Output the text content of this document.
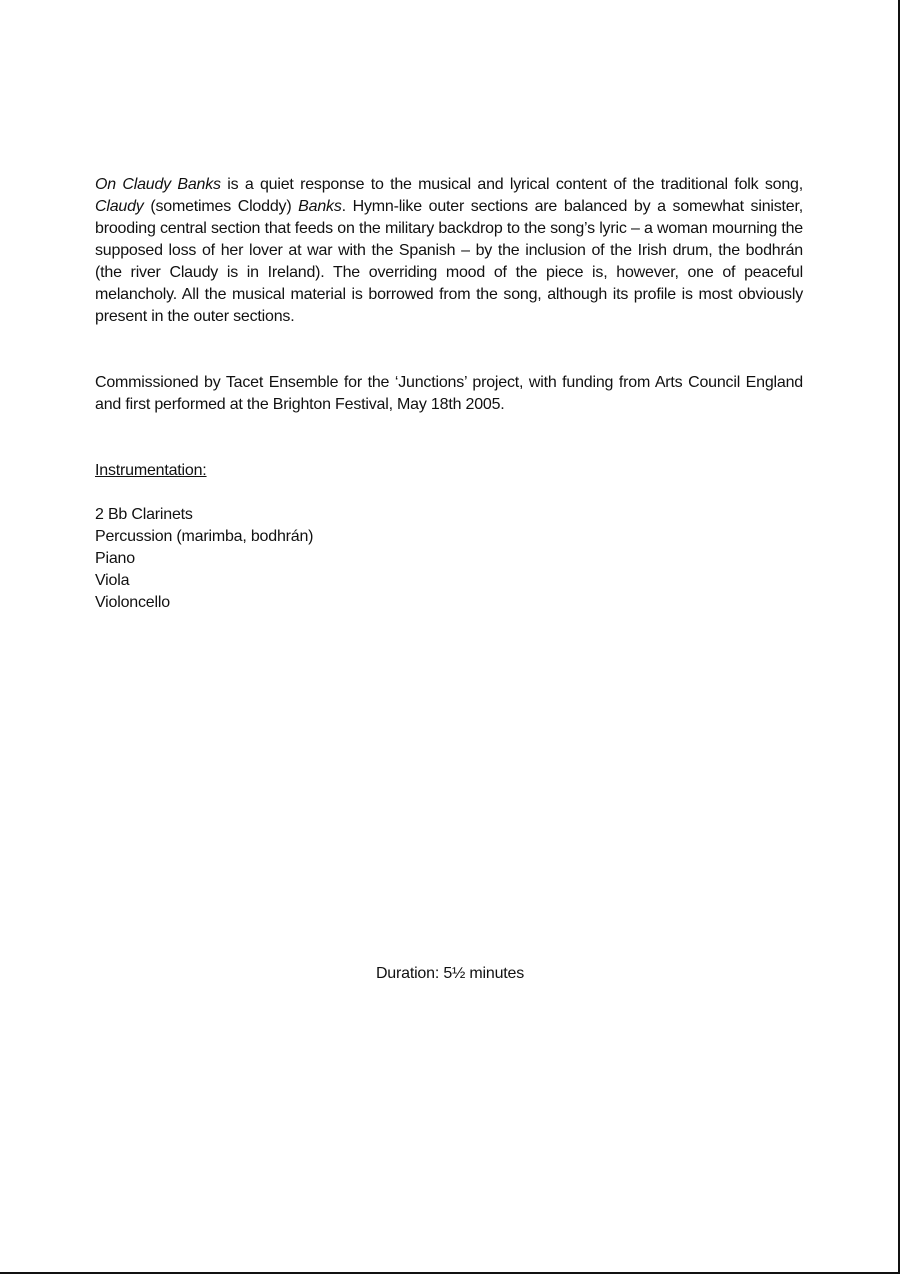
On Claudy Banks is a quiet response to the musical and lyrical content of the traditional folk song, Claudy (sometimes Cloddy) Banks. Hymn-like outer sections are balanced by a somewhat sinister, brooding central section that feeds on the military backdrop to the song’s lyric – a woman mourning the supposed loss of her lover at war with the Spanish – by the inclusion of the Irish drum, the bodhrán (the river Claudy is in Ireland). The overriding mood of the piece is, however, one of peaceful melancholy. All the musical material is borrowed from the song, although its profile is most obviously present in the outer sections.

Commissioned by Tacet Ensemble for the ‘Junctions’ project, with funding from Arts Council England and first performed at the Brighton Festival, May 18th 2005.

Instrumentation:

2 Bb Clarinets
Percussion (marimba, bodhrán)
Piano
Viola
Violoncello
Duration: 5½ minutes
